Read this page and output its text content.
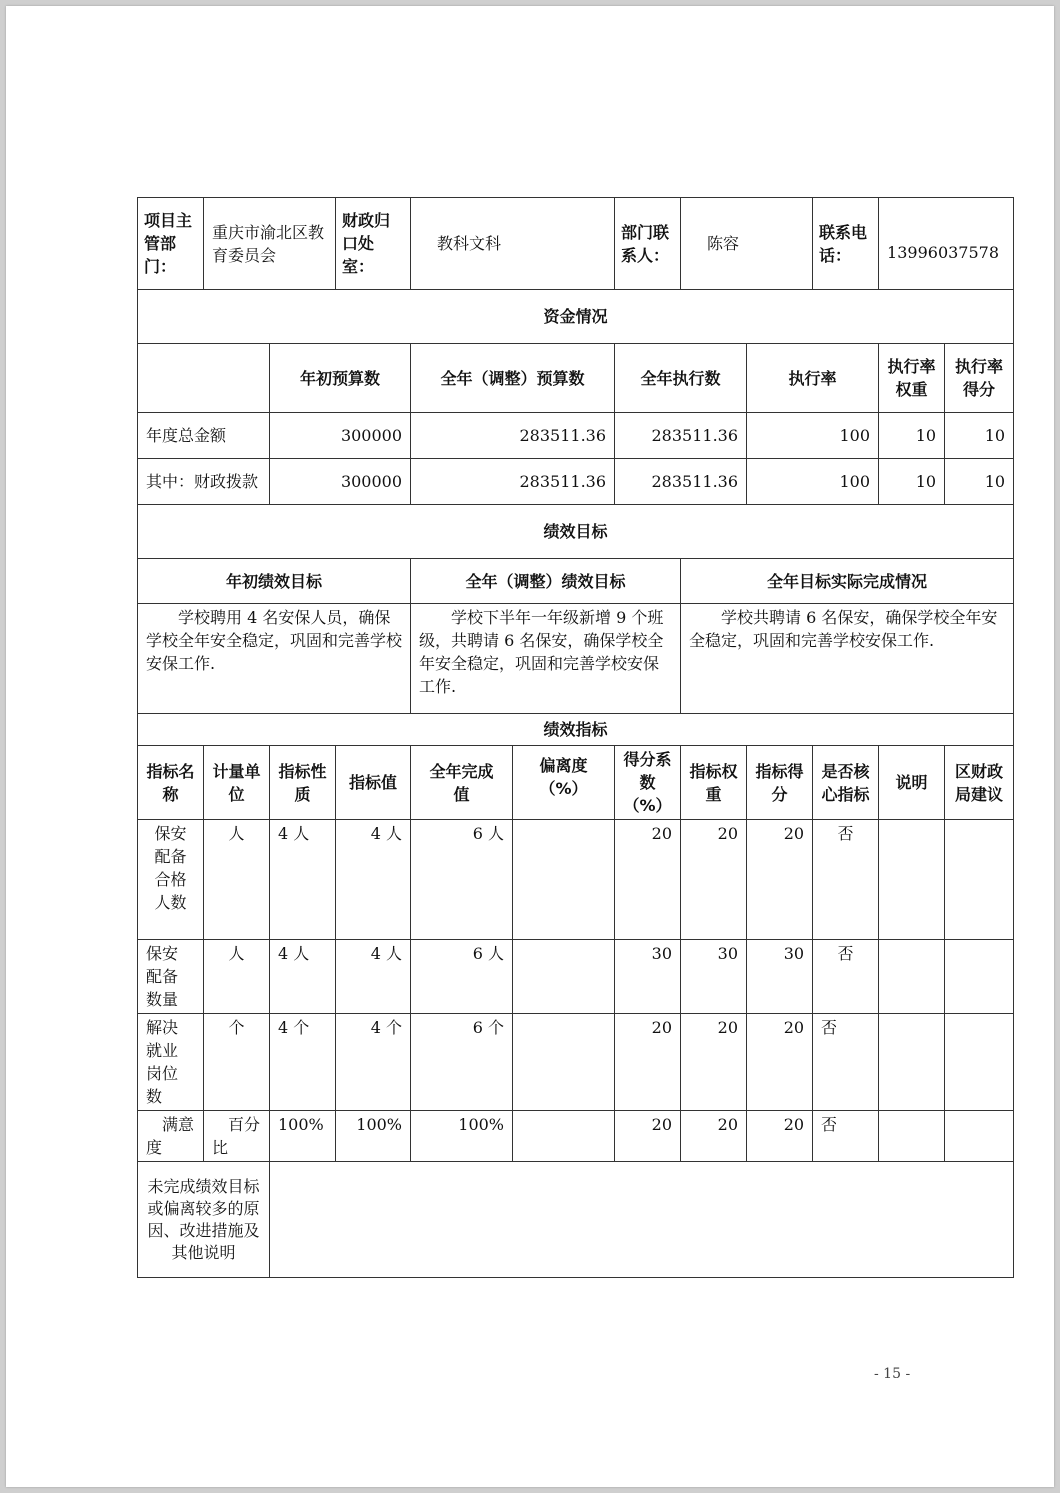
项目主管部门：	重庆市渝北区教育委员会		财政归口处室：	教科文科		部门联系人：	陈容		联系电话：	13996037578	
资金情况											
		年初预算数		全年（调整）预算数		全年执行数		执行率		执行率权重	执行率得分
年度总金额		300000		283511.36		283511.36		100		10	10
其中：财政拨款		300000		283511.36		283511.36		100		10	10
绩效目标											
年初绩效目标				全年（调整）绩效目标			全年目标实际完成情况				
学校聘用 4 名安保人员，确保学校全年安全稳定，巩固和完善学校安保工作.				学校下半年一年级新增 9 个班级，共聘请 6 名保安，确保学校全年安全稳定，巩固和完善学校安保工作.			学校共聘请 6 名保安，确保学校全年安全稳定，巩固和完善学校安保工作.				
绩效指标											
指标名称	计量单位	指标性质	指标值	全年完成值	偏离度（%）	得分系数（%）	指标权重	指标得分	是否核心指标	说明	区财政局建议
保安配备合格人数	人	4 人	4 人	6 人		20	20	20	否		
保安配备数量	人	4 人	4 人	6 人		30	30	30	否		
解决就业岗位数	个	4 个	4 个	6 个		20	20	20	否		
满意度	百分比	100%	100%	100%		20	20	20	否		
未完成绩效目标或偏离较多的原因、改进措施及其他说明											
- 15 -
